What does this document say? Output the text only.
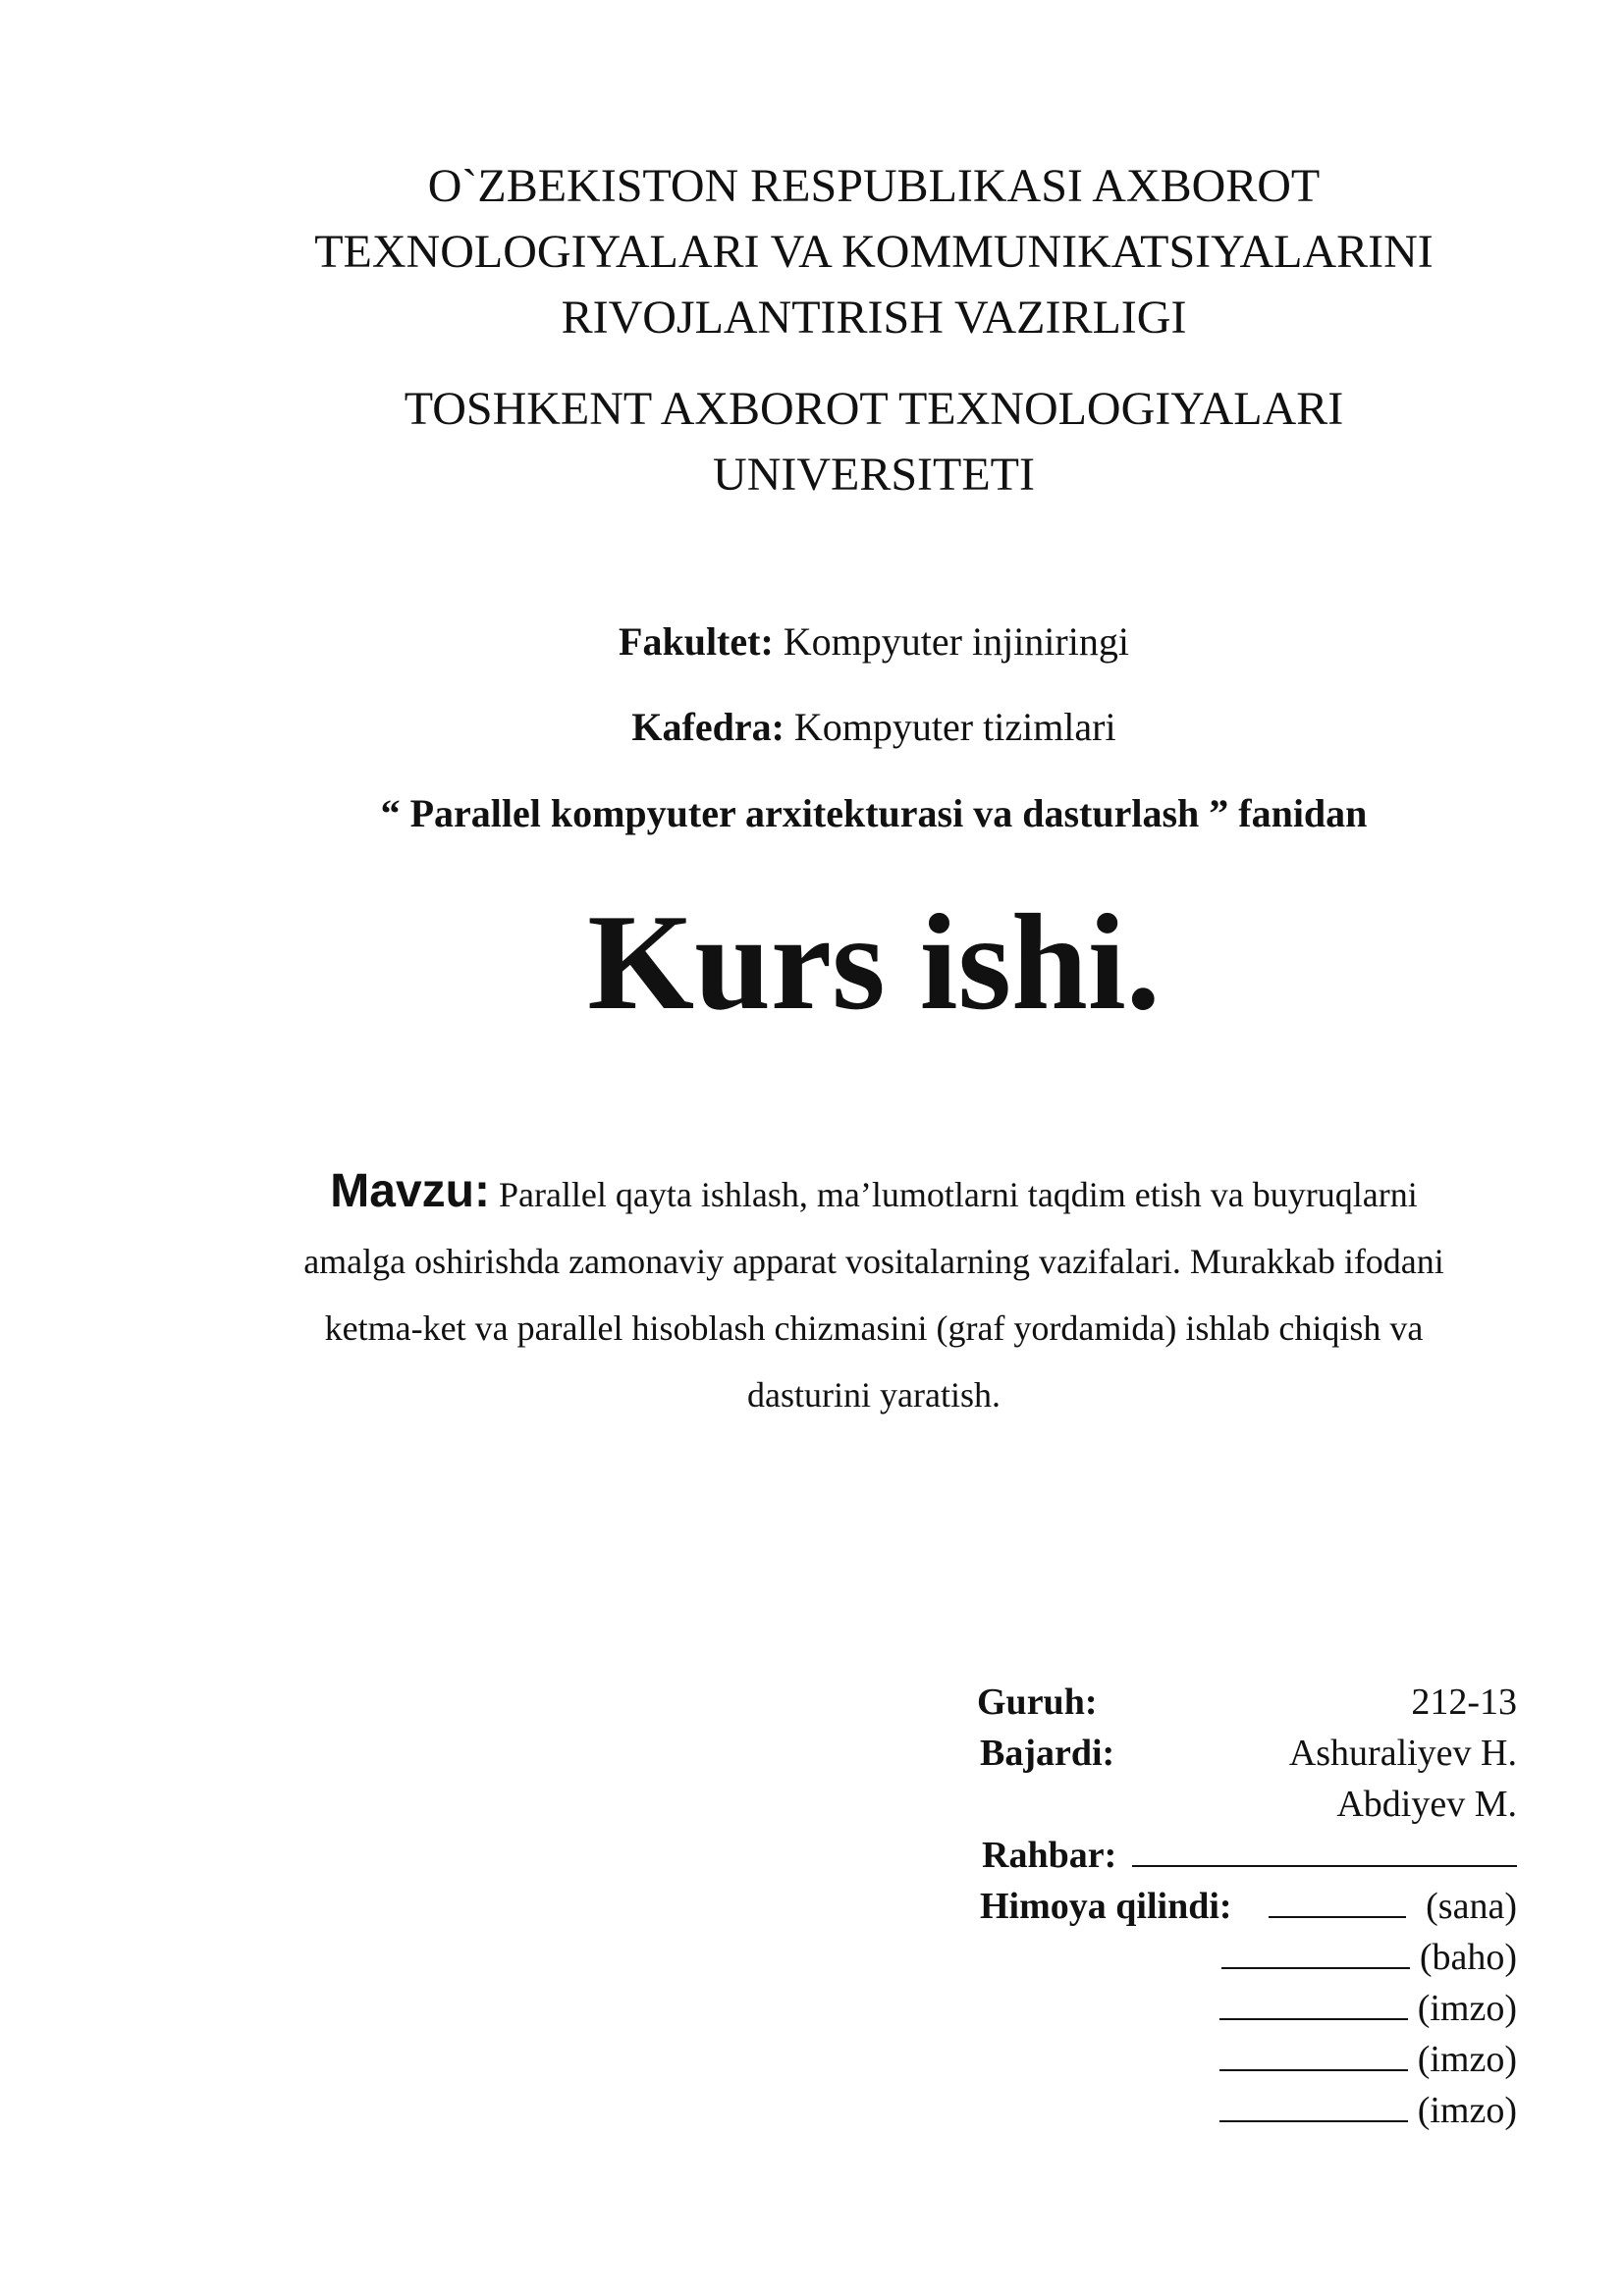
O`ZBEKISTON RESPUBLIKASI AXBOROT
TEXNOLOGIYALARI VA KOMMUNIKATSIYALARINI
RIVOJLANTIRISH VAZIRLIGI
TOSHKENT AXBOROT TEXNOLOGIYALARI
UNIVERSITETI
Fakultet: Kompyuter injiniringi
Kafedra: Kompyuter tizimlari
“ Parallel kompyuter arxitekturasi va dasturlash ” fanidan
Kurs ishi.
Mavzu: Parallel qayta ishlash, ma’lumotlarni taqdim etish va buyruqlarni
amalga oshirishda zamonaviy apparat vositalarning vazifalari. Murakkab ifodani
ketma-ket va parallel hisoblash chizmasini (graf yordamida) ishlab chiqish va
dasturini yaratish.
Guruh:	212-13
Bajardi:	Ashuraliyev H.
Abdiyev M.
Rahbar:
Himoya qilindi:	(sana)
(baho)
(imzo)
(imzo)
(imzo)
